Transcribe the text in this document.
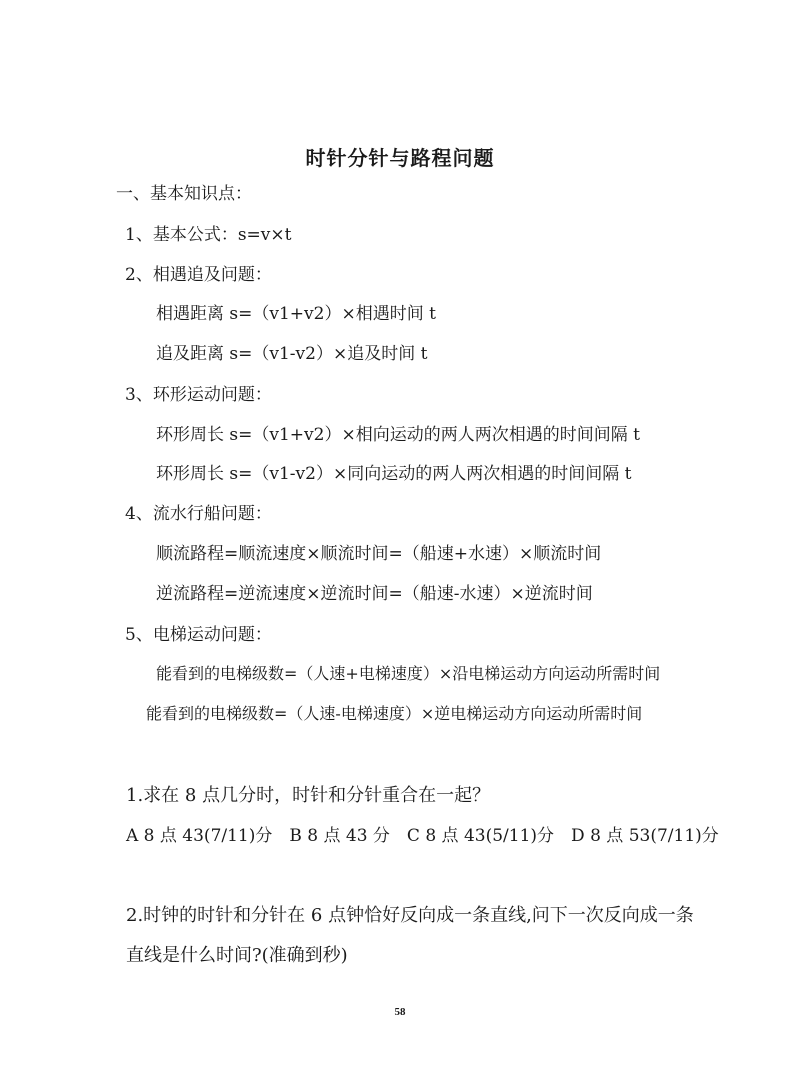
时针分针与路程问题
一、基本知识点：
1、基本公式：s=v×t
2、相遇追及问题：
相遇距离 s=（v1+v2）×相遇时间 t
追及距离 s=（v1-v2）×追及时间 t
3、环形运动问题：
环形周长 s=（v1+v2）×相向运动的两人两次相遇的时间间隔 t
环形周长 s=（v1-v2）×同向运动的两人两次相遇的时间间隔 t
4、流水行船问题：
顺流路程=顺流速度×顺流时间=（船速+水速）×顺流时间
逆流路程=逆流速度×逆流时间=（船速-水速）×逆流时间
5、电梯运动问题：
能看到的电梯级数=（人速+电梯速度）×沿电梯运动方向运动所需时间
能看到的电梯级数=（人速-电梯速度）×逆电梯运动方向运动所需时间
1.求在 8 点几分时，时针和分针重合在一起？
A 8 点 43(7/11)分　B 8 点 43 分　C 8 点 43(5/11)分　D 8 点 53(7/11)分
2.时钟的时针和分针在 6 点钟恰好反向成一条直线,问下一次反向成一条
直线是什么时间?(准确到秒)
58
